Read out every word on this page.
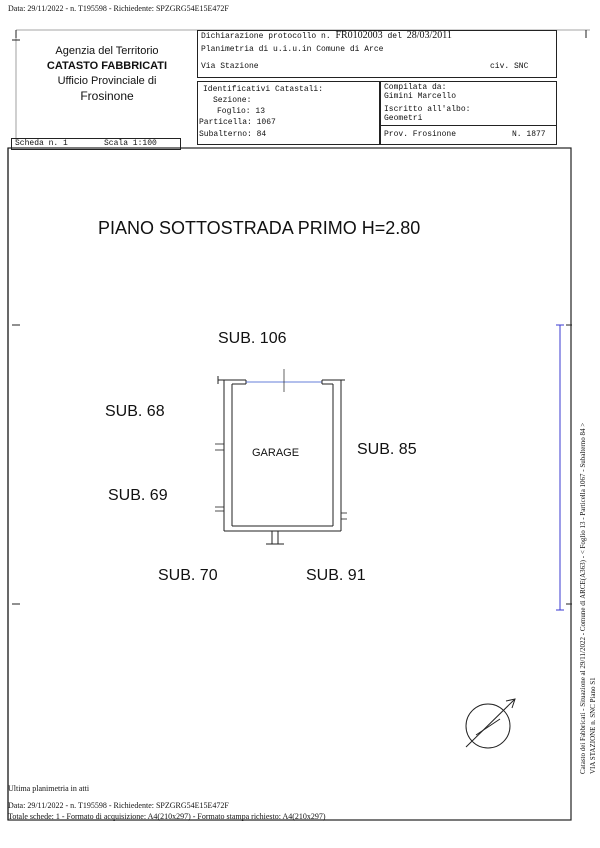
Data: 29/11/2022 - n. T195598 - Richiedente: SPZGRG54E15E472F
Agenzia del Territorio
CATASTO FABBRICATI
Ufficio Provinciale di
Frosinone
Dichiarazione protocollo n. FR0102003 del 28/03/2011
Planimetria di u.i.u.in Comune di Arce
Via Stazione	civ. SNC
Identificativi Catastali:
Sezione:
Foglio: 13
Particella: 1067
Subalterno: 84
Compilata da:
Gimini Marcello
Iscritto all'albo:
Geometri
Prov. Frosinone	N. 1877
Scheda n. 1	Scala 1:100
PIANO SOTTOSTRADA PRIMO H=2.80
SUB. 106
SUB. 68
SUB. 85
SUB. 69
SUB. 70	SUB. 91
GARAGE	Catasto dei Fabbricati - Situazione al 29/11/2022 - Comune di ARCE(A363) - < Foglio 13 - Particella 1067 - Subalterno 84 > VIA STAZIONE n. SNC Piano S1
Ultima planimetria in atti
Data: 29/11/2022 - n. T195598 - Richiedente: SPZGRG54E15E472F
Totale schede: 1 - Formato di acquisizione: A4(210x297) - Formato stampa richiesto: A4(210x297)
